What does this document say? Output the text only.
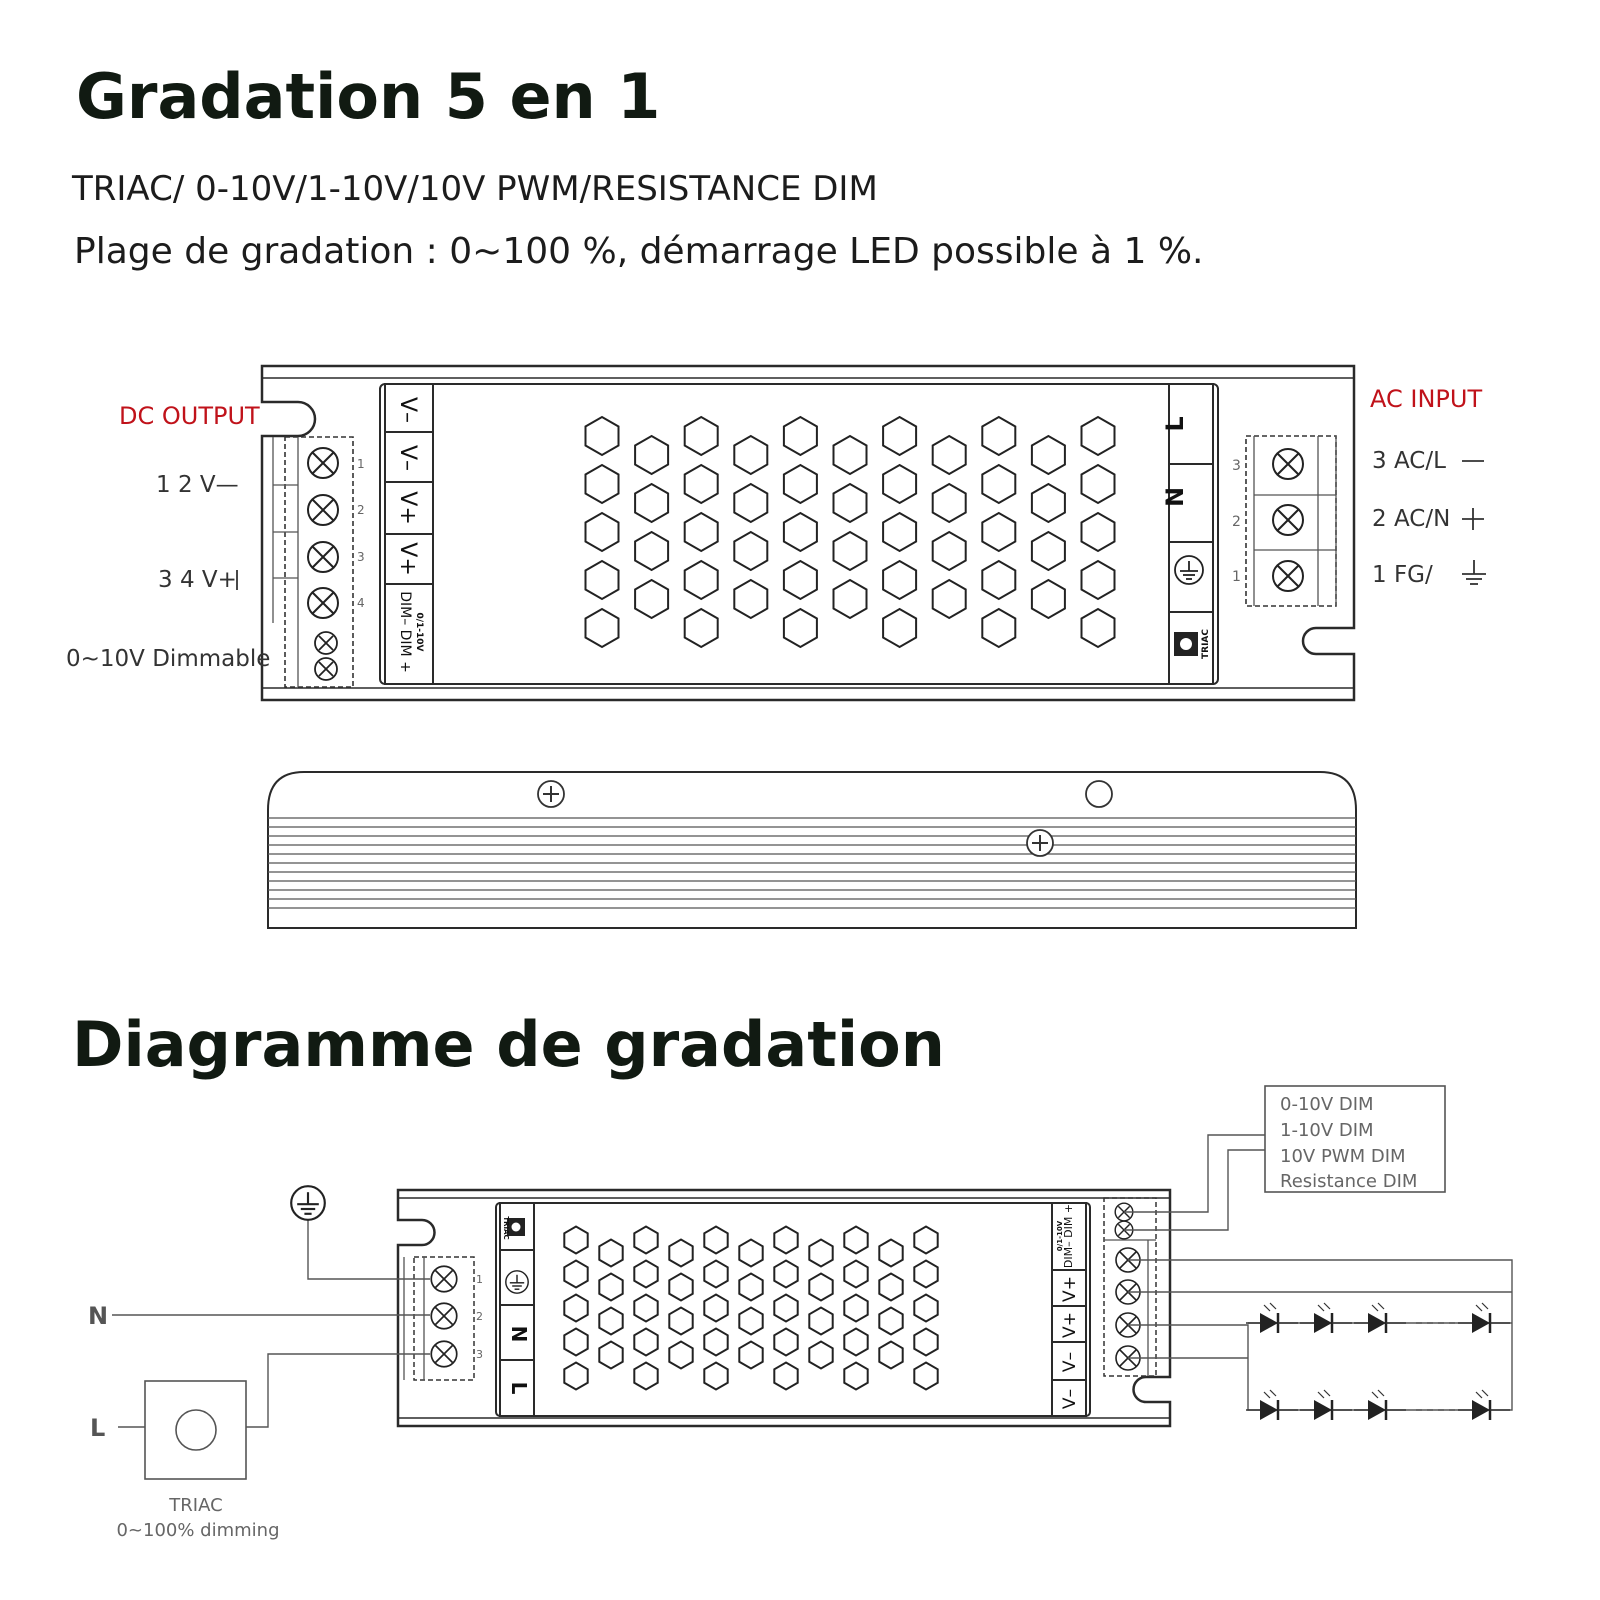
Gradation 5 en 1
TRIAC/ 0-10V/1-10V/10V PWM/RESISTANCE DIM
Plage de gradation : 0~100 %, démarrage LED possible à 1 %.
V–
V–
V+
V+
DIM– DIM + 0/1-10V
L
N
TRIAC
1
2
3
4
3
2
1
DC OUTPUT
1 2 V—
3 4 V+
0~10V Dimmable
AC INPUT
3 AC/L
2 AC/N
1 FG/
Diagramme de gradation
0-10V DIM
1-10V DIM
10V PWM DIM
Resistance DIM
TRIAC
N
L
DIM– DIM +
0/1-10V
V+
V+
V–
V–
1
2
3
N
L
TRIAC
0~100% dimming
